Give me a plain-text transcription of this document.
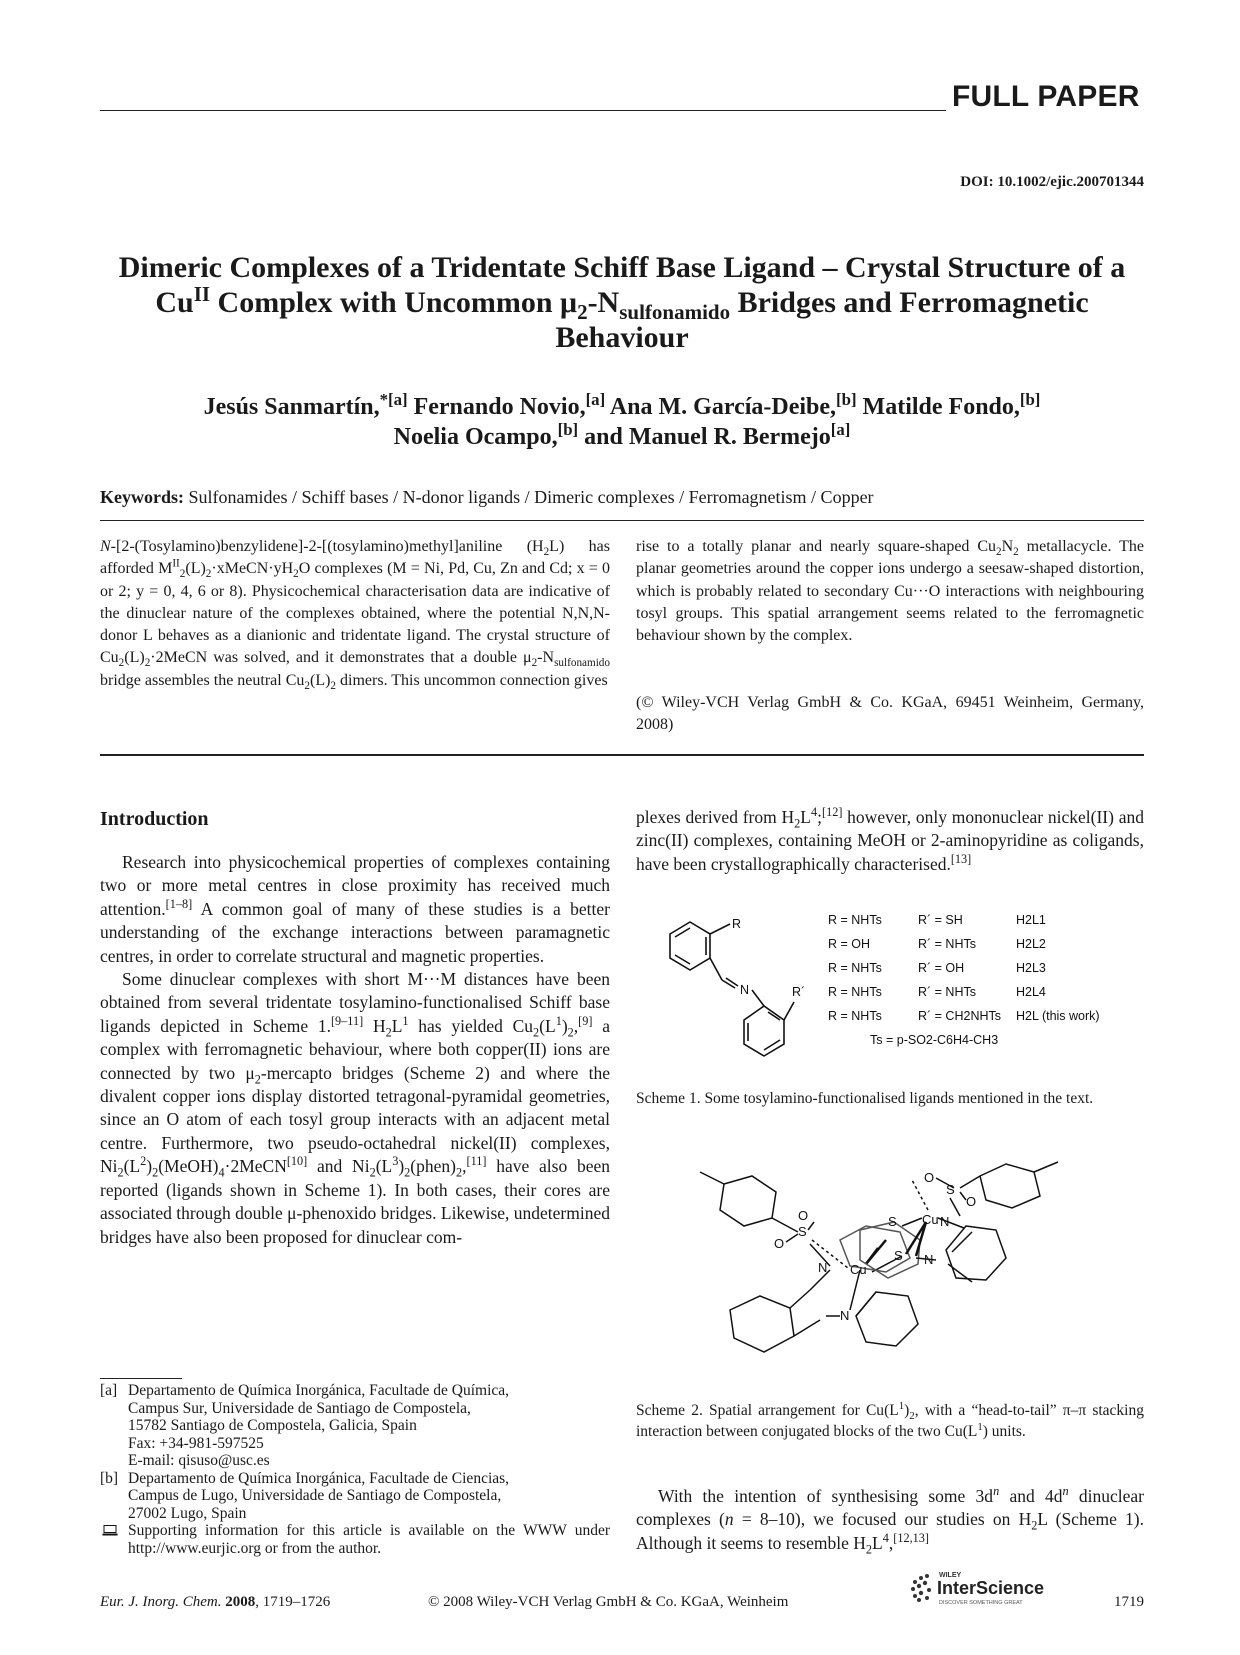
FULL PAPER
DOI: 10.1002/ejic.200701344
Dimeric Complexes of a Tridentate Schiff Base Ligand – Crystal Structure of a $Cu^{II}$ Complex with Uncommon $\mu_2-N_{sulfonamido}$ Bridges and Ferromagnetic Behaviour
Jesús Sanmartín,$^{*[a]}$ Fernando Novio,[a] Ana M. García-Deibe,[b] Matilde Fondo,[b]
Noelia Ocampo,[b] and Manuel R. Bermejo[a]
Keywords: Sulfonamides / Schiff bases / N-donor ligands / Dimeric complexes / Ferromagnetism / Copper
N-[2-(Tosylamino)benzylidene]-2-[(tosylamino)methyl]aniline $(H_2L)$ has afforded $M^{II}_2(L)_2\cdot xMeCN\cdot yH_2O$ complexes (M = Ni, Pd, Cu, Zn and Cd; x = 0 or 2; y = 0, 4, 6 or 8). Physicochemical characterisation data are indicative of the dinuclear nature of the complexes obtained, where the potential N,N,N-donor L behaves as a dianionic and tridentate ligand. The crystal structure of $Cu_2(L)_2\cdot 2MeCN$ was solved, and it demonstrates that a double $\mu_2-N_{sulfonamido}$ bridge assembles the neutral $Cu_2(L)_2$ dimers. This uncommon connection gives
rise to a totally planar and nearly square-shaped $Cu_2N_2$ metallacycle. The planar geometries around the copper ions undergo a seesaw-shaped distortion, which is probably related to secondary Cu···O interactions with neighbouring tosyl groups. This spatial arrangement seems related to the ferromagnetic behaviour shown by the complex.
(© Wiley-VCH Verlag GmbH & Co. KGaA, 69451 Weinheim, Germany, 2008)
Introduction

Research into physicochemical properties of complexes containing two or more metal centres in close proximity has received much attention.[1–8] A common goal of many of these studies is a better understanding of the exchange interactions between paramagnetic centres, in order to correlate structural and magnetic properties.

Some dinuclear complexes with short M···M distances have been obtained from several tridentate tosylamino-functionalised Schiff base ligands depicted in Scheme 1.[9–11] $H_2L^1$ has yielded $Cu_2(L^1)_2,[9]$ a complex with ferromagnetic behaviour, where both copper(II) ions are connected by two $\mu_2$-mercapto bridges (Scheme 2) and where the divalent copper ions display distorted tetragonal-pyramidal geometries, since an O atom of each tosyl group interacts with an adjacent metal centre. Furthermore, two pseudo-octahedral nickel(II) complexes, $Ni_2(L^2)_2(MeOH)_4\cdot 2MeCN[10]$ and $Ni_2(L^3)_2(phen)_2,[11]$ have also been reported (ligands shown in Scheme 1). In both cases, their cores are associated through double μ-phenoxido bridges. Likewise, undetermined bridges have also been proposed for dinuclear com-

plexes derived from $H_2L^4;[12]$ however, only mononuclear nickel(II) and zinc(II) complexes, containing MeOH or 2-aminopyridine as coligands, have been crystallographically characterised.[13]

R
N	R´
R = NHTs	R´ = SH	H2L1
R = OH	R´ = NHTs	H2L2
R = NHTs	R´ = OH	H2L3
R = NHTs	R´ = NHTs	H2L4
R = NHTs	R´ = CH2NHTs H2L (this work)
Ts = p-SO2-C6H4-CH3
Scheme 1. Some tosylamino-functionalised ligands mentioned in the text.
O
S
O
N Cu
N
S
S
Cu
N
O
S
O
N
Scheme 2. Spatial arrangement for $Cu(L^1)_2$, with a “head-to-tail” π–π stacking interaction between conjugated blocks of the two $Cu(L^1)$ units.

With the intention of synthesising some $3d^n$ and $4d^n$ dinuclear complexes (n = 8–10), we focused our studies on $H_2L$ (Scheme 1). Although it seems to resemble $H_2L^4,[12,13]$

[a] Departamento de Química Inorgánica, Facultade de Química,
Campus Sur, Universidade de Santiago de Compostela,
15782 Santiago de Compostela, Galicia, Spain
Fax: +34-981-597525
E-mail: qisuso@usc.es
[b] Departamento de Química Inorgánica, Facultade de Ciencias,
Campus de Lugo, Universidade de Santiago de Compostela,
27002 Lugo, Spain
Supporting information for this article is available on the WWW under http://www.eurjic.org or from the author.
Eur. J. Inorg. Chem. 2008, 1719–1726	© 2008 Wiley-VCH Verlag GmbH & Co. KGaA, Weinheim
WILEY
InterScience
DISCOVER SOMETHING GREAT	1719
